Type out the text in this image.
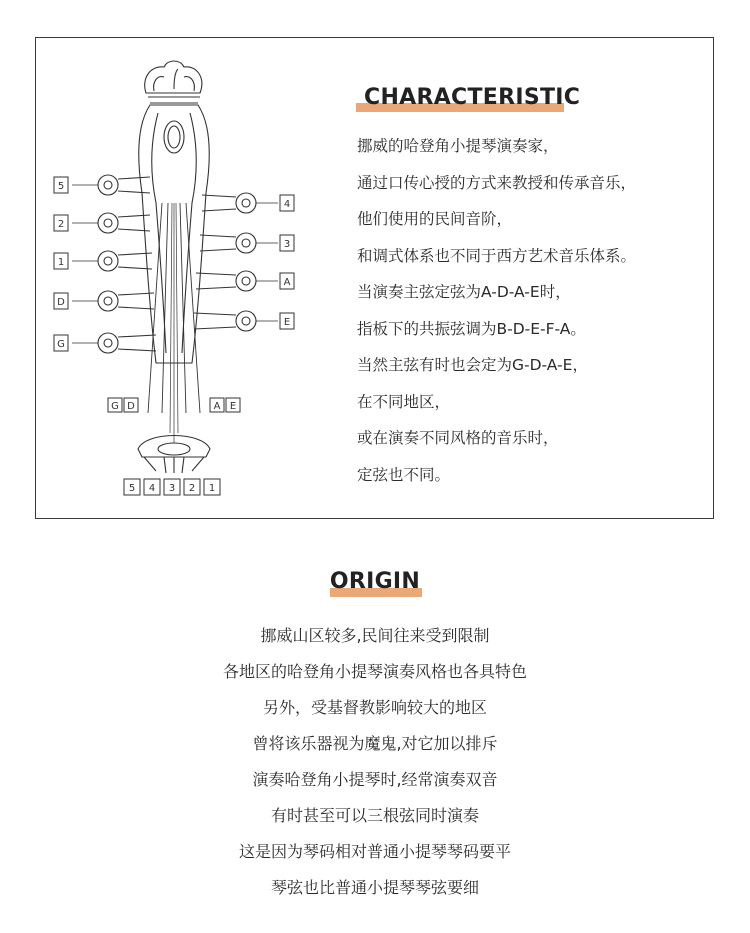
5
2
1
D
G
4
3
A
E
G D	A E
5 4 3 2 1
CHARACTERISTIC
挪威的哈登角小提琴演奏家，
通过口传心授的方式来教授和传承音乐，
他们使用的民间音阶，
和调式体系也不同于西方艺术音乐体系。
当演奏主弦定弦为A-D-A-E时，
指板下的共振弦调为B-D-E-F-A。
当然主弦有时也会定为G-D-A-E，
在不同地区，
或在演奏不同风格的音乐时，
定弦也不同。
ORIGIN
挪威山区较多,民间往来受到限制
各地区的哈登角小提琴演奏风格也各具特色
另外，受基督教影响较大的地区
曾将该乐器视为魔鬼,对它加以排斥
演奏哈登角小提琴时,经常演奏双音
有时甚至可以三根弦同时演奏
这是因为琴码相对普通小提琴琴码要平
琴弦也比普通小提琴琴弦要细
